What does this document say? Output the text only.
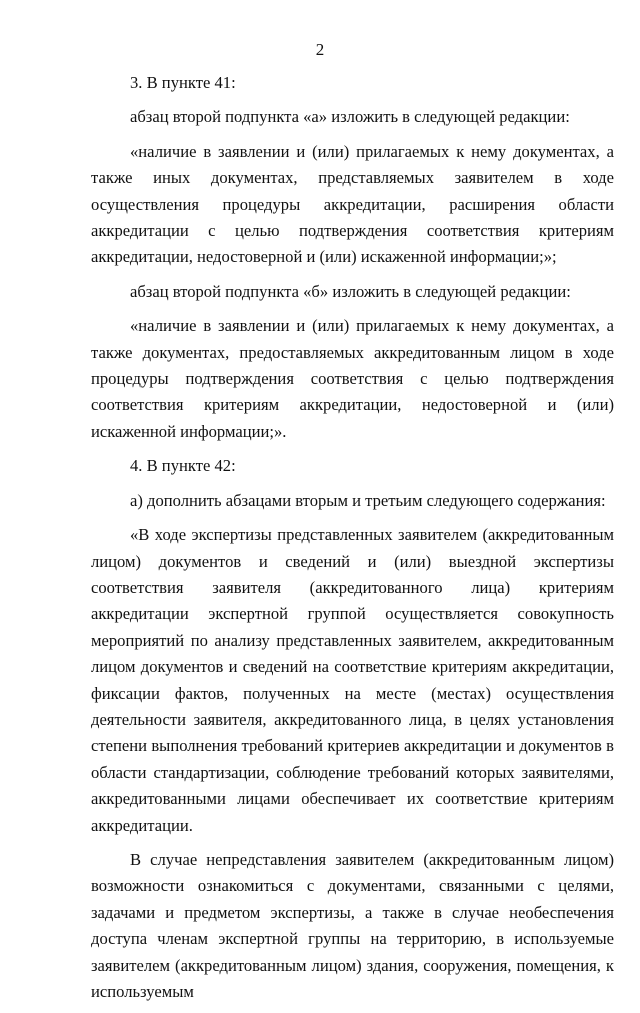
2

3. В пункте 41:

абзац второй подпункта «а» изложить в следующей редакции:

«наличие в заявлении и (или) прилагаемых к нему документах, а также иных документах, представляемых заявителем в ходе осуществления процедуры аккредитации, расширения области аккредитации с целью подтверждения соответствия критериям аккредитации, недостоверной и (или) искаженной информации;»;

абзац второй подпункта «б» изложить в следующей редакции:

«наличие в заявлении и (или) прилагаемых к нему документах, а также документах, предоставляемых аккредитованным лицом в ходе процедуры подтверждения соответствия с целью подтверждения соответствия критериям аккредитации, недостоверной и (или) искаженной информации;».

4. В пункте 42:

а) дополнить абзацами вторым и третьим следующего содержания:

«В ходе экспертизы представленных заявителем (аккредитованным лицом) документов и сведений и (или) выездной экспертизы соответствия заявителя (аккредитованного лица) критериям аккредитации экспертной группой осуществляется совокупность мероприятий по анализу представленных заявителем, аккредитованным лицом документов и сведений на соответствие критериям аккредитации, фиксации фактов, полученных на месте (местах) осуществления деятельности заявителя, аккредитованного лица, в целях установления степени выполнения требований критериев аккредитации и документов в области стандартизации, соблюдение требований которых заявителями, аккредитованными лицами обеспечивает их соответствие критериям аккредитации.

В случае непредставления заявителем (аккредитованным лицом) возможности ознакомиться с документами, связанными с целями, задачами и предметом экспертизы, а также в случае необеспечения доступа членам экспертной группы на территорию, в используемые заявителем (аккредитованным лицом) здания, сооружения, помещения, к используемым
